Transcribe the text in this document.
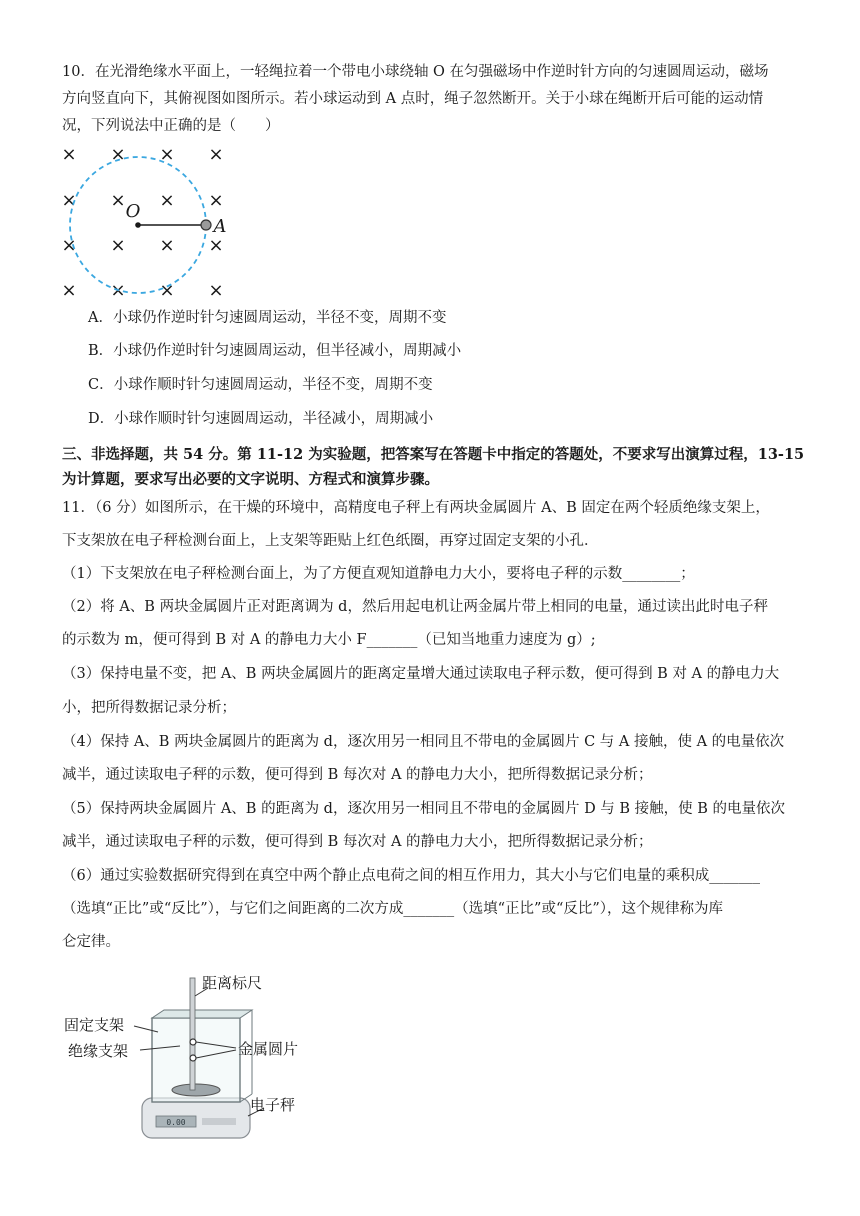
10．在光滑绝缘水平面上，一轻绳拉着一个带电小球绕轴 O 在匀强磁场中作逆时针方向的匀速圆周运动，磁场
方向竖直向下，其俯视图如图所示。若小球运动到 A 点时，绳子忽然断开。关于小球在绳断开后可能的运动情
况，下列说法中正确的是（　　）
× × × ×
× × × ×
× × × ×
× × × ×
O
A
A．小球仍作逆时针匀速圆周运动，半径不变，周期不变
B．小球仍作逆时针匀速圆周运动，但半径减小，周期减小
C．小球作顺时针匀速圆周运动，半径不变，周期不变
D．小球作顺时针匀速圆周运动，半径减小，周期减小
三、非选择题，共 54 分。第 11-12 为实验题，把答案写在答题卡中指定的答题处，不要求写出演算过程，13-15
为计算题，要求写出必要的文字说明、方程式和演算步骤。
11．（6 分）如图所示，在干燥的环境中，高精度电子秤上有两块金属圆片 A、B 固定在两个轻质绝缘支架上，
下支架放在电子秤检测台面上，上支架等距贴上红色纸圈，再穿过固定支架的小孔．
（1）下支架放在电子秤检测台面上，为了方便直观知道静电力大小，要将电子秤的示数________；
（2）将 A、B 两块金属圆片正对距离调为 d，然后用起电机让两金属片带上相同的电量，通过读出此时电子秤
的示数为 m，便可得到 B 对 A 的静电力大小 F_______（已知当地重力速度为 g）;
（3）保持电量不变，把 A、B 两块金属圆片的距离定量增大通过读取电子秤示数，便可得到 B 对 A 的静电力大
小，把所得数据记录分析；
（4）保持 A、B 两块金属圆片的距离为 d，逐次用另一相同且不带电的金属圆片 C 与 A 接触，使 A 的电量依次
减半，通过读取电子秤的示数，便可得到 B 每次对 A 的静电力大小，把所得数据记录分析；
（5）保持两块金属圆片 A、B 的距离为 d，逐次用另一相同且不带电的金属圆片 D 与 B 接触，使 B 的电量依次
减半，通过读取电子秤的示数，便可得到 B 每次对 A 的静电力大小，把所得数据记录分析；
（6）通过实验数据研究得到在真空中两个静止点电荷之间的相互作用力，其大小与它们电量的乘积成_______
（选填“正比”或“反比”），与它们之间距离的二次方成_______（选填“正比”或“反比”），这个规律称为库
仑定律。
0.00
距离标尺
固定支架
金属圆片
绝缘支架
电子秤
